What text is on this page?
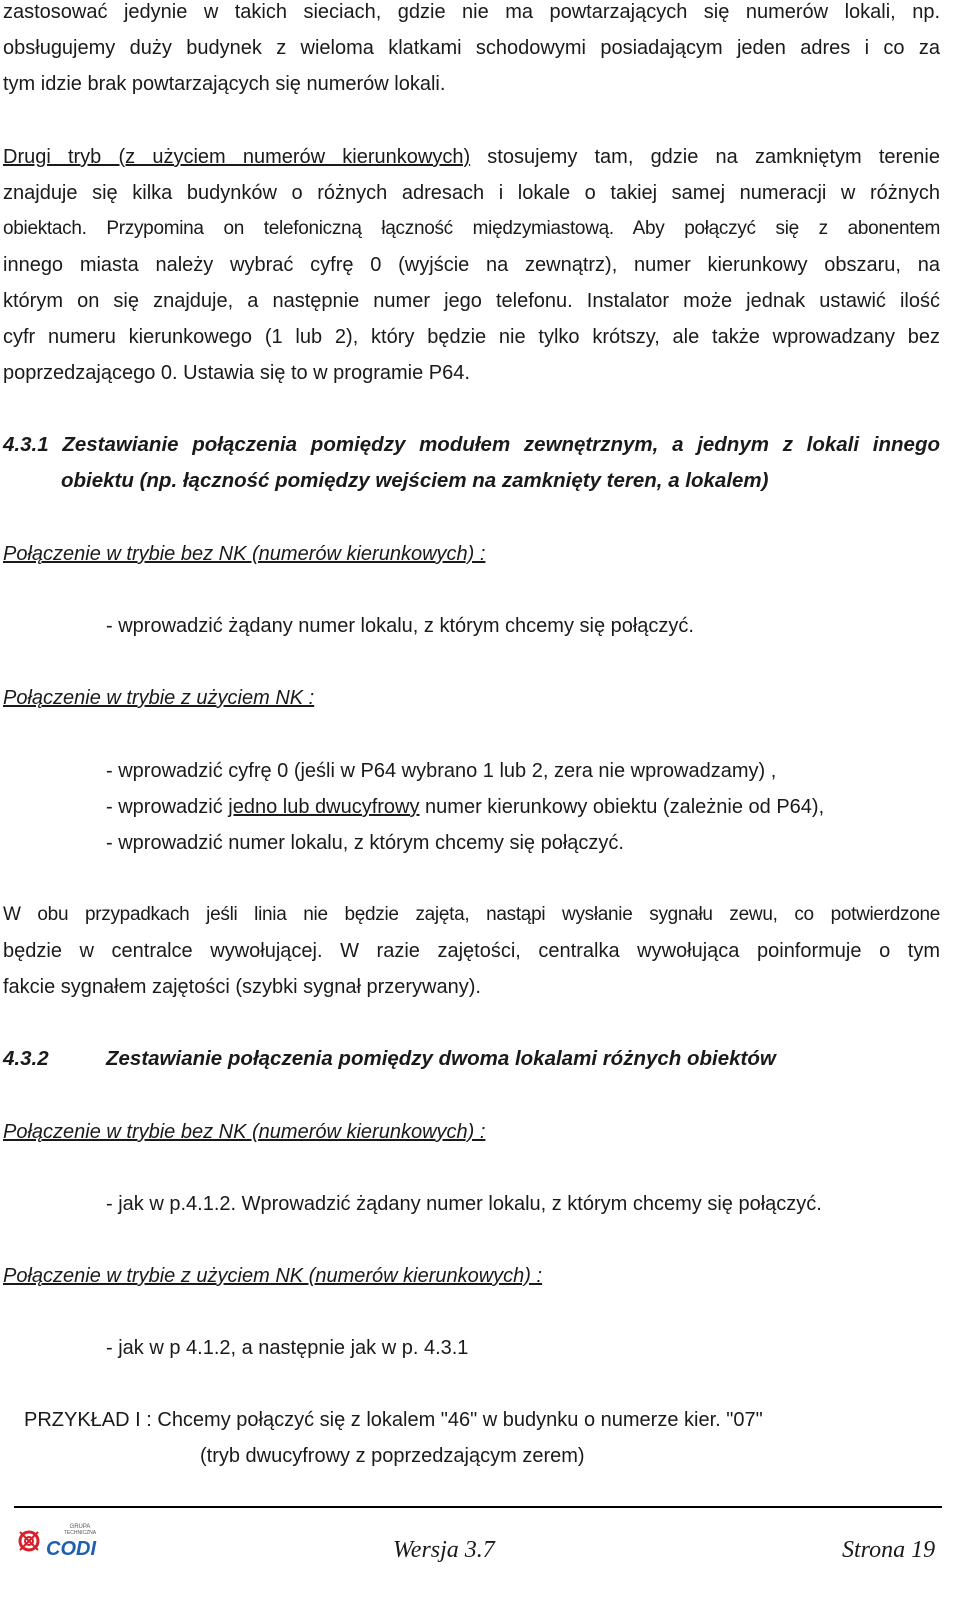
zastosować jedynie w takich sieciach, gdzie nie ma powtarzających się numerów lokali, np.
obsługujemy duży budynek z wieloma klatkami schodowymi posiadającym jeden adres i co za
tym idzie brak powtarzających się numerów lokali.
Drugi tryb (z użyciem numerów kierunkowych) stosujemy tam, gdzie na zamkniętym terenie
znajduje się kilka budynków o różnych adresach i lokale o takiej samej numeracji w różnych
obiektach. Przypomina on telefoniczną łączność międzymiastową. Aby połączyć się z abonentem
innego miasta należy wybrać cyfrę 0 (wyjście na zewnątrz), numer kierunkowy obszaru, na
którym on się znajduje, a następnie numer jego telefonu. Instalator może jednak ustawić ilość
cyfr numeru kierunkowego (1 lub 2), który będzie nie tylko krótszy, ale także wprowadzany bez
poprzedzającego 0. Ustawia się to w programie P64.
4.3.1 Zestawianie połączenia pomiędzy modułem zewnętrznym, a jednym z lokali innego
obiektu (np. łączność pomiędzy wejściem na zamknięty teren, a lokalem)
Połączenie w trybie bez NK (numerów kierunkowych) :
- wprowadzić żądany numer lokalu, z którym chcemy się połączyć.
Połączenie w trybie z użyciem NK :
- wprowadzić cyfrę 0 (jeśli w P64 wybrano 1 lub 2, zera nie wprowadzamy) ,
- wprowadzić jedno lub dwucyfrowy numer kierunkowy obiektu (zależnie od P64),
- wprowadzić numer lokalu, z którym chcemy się połączyć.
W obu przypadkach jeśli linia nie będzie zajęta, nastąpi wysłanie sygnału zewu, co potwierdzone
będzie w centralce wywołującej. W razie zajętości, centralka wywołująca poinformuje o tym
fakcie sygnałem zajętości (szybki sygnał przerywany).
4.3.2	Zestawianie połączenia pomiędzy dwoma lokalami różnych obiektów
Połączenie w trybie bez NK (numerów kierunkowych) :
- jak w p.4.1.2. Wprowadzić żądany numer lokalu, z którym chcemy się połączyć.
Połączenie w trybie z użyciem NK (numerów kierunkowych) :
- jak w p 4.1.2, a następnie jak w p. 4.3.1
PRZYKŁAD I : Chcemy połączyć się z lokalem "46" w budynku o numerze kier. "07"
(tryb dwucyfrowy z poprzedzającym zerem)
GRUPA
TECHNICZNA
CODI	Wersja 3.7	Strona 19
